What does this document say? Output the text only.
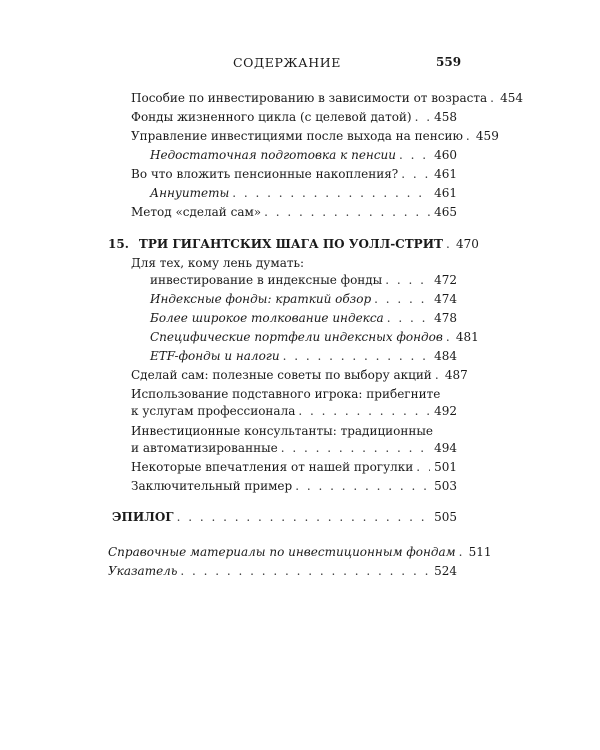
СОДЕРЖАНИЕ	559
Пособие по инвестированию в зависимости от возраста . . .	454
Фонды жизненного цикла (с целевой датой) . . .	458
Управление инвестициями после выхода на пенсию . . .	459
Недостаточная подготовка к пенсии . . .	460
Во что вложить пенсионные накопления? . . .	461
Аннуитеты . . .	461
Метод «сделай сам» . . .	465
15. ТРИ ГИГАНТСКИХ ШАГА ПО УОЛЛ-СТРИТ . . .	470
Для тех, кому лень думать:
инвестирование в индексные фонды . . .	472
Индексные фонды: краткий обзор . . .	474
Более широкое толкование индекса . . .	478
Специфические портфели индексных фондов . . .	481
ETF-фонды и налоги . . .	484
Сделай сам: полезные советы по выбору акций . . .	487
Использование подставного игрока: прибегните
к услугам профессионала . . .	492
Инвестиционные консультанты: традиционные
и автоматизированные . . .	494
Некоторые впечатления от нашей прогулки . . .	501
Заключительный пример . . .	503
ЭПИЛОГ . . .	505
Справочные материалы по инвестиционным фондам . . .	511
Указатель . . .	524
